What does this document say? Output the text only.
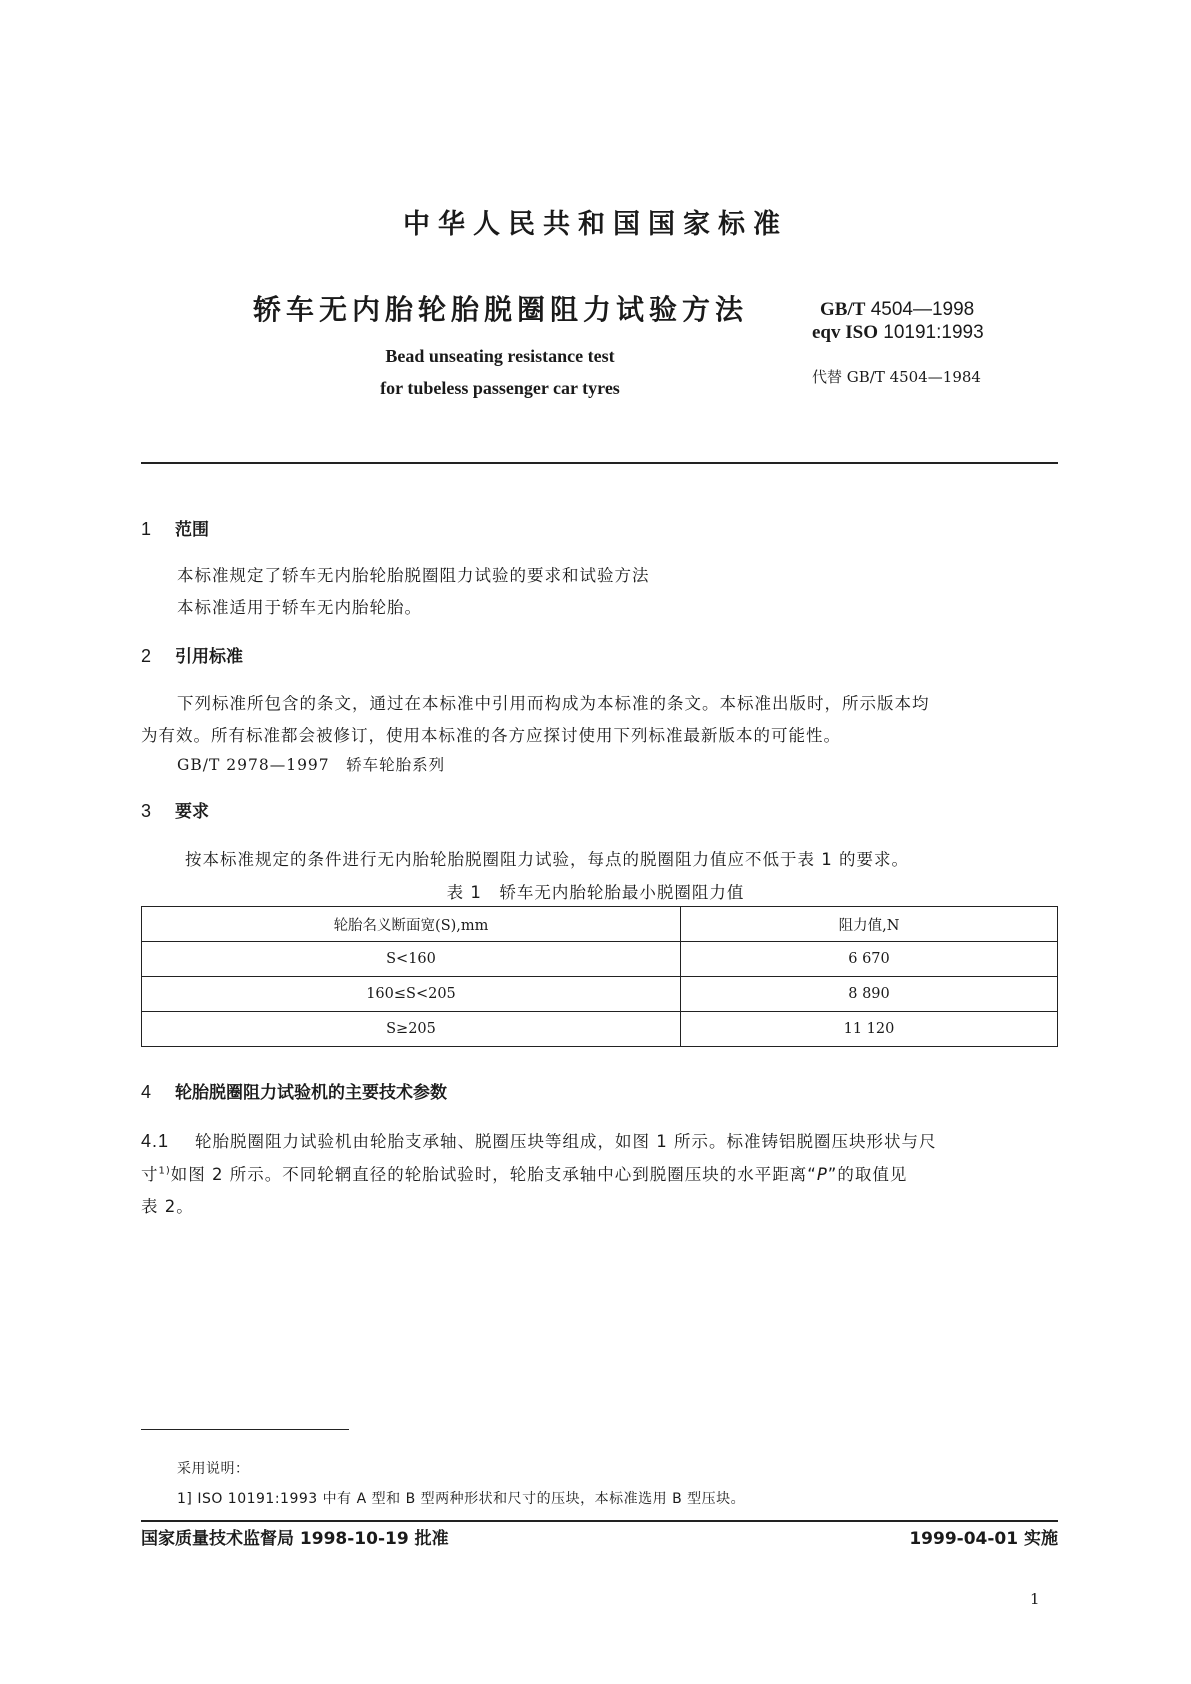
中华人民共和国国家标准
轿车无内胎轮胎脱圈阻力试验方法
Bead unseating resistance test
for tubeless passenger car tyres
GB/T 4504—1998
eqv ISO 10191:1993
代替 GB/T 4504—1984
1 范围
本标准规定了轿车无内胎轮胎脱圈阻力试验的要求和试验方法
本标准适用于轿车无内胎轮胎。
2 引用标准
下列标准所包含的条文，通过在本标准中引用而构成为本标准的条文。本标准出版时，所示版本均
为有效。所有标准都会被修订，使用本标准的各方应探讨使用下列标准最新版本的可能性。
GB/T 2978—1997　轿车轮胎系列
3 要求
按本标准规定的条件进行无内胎轮胎脱圈阻力试验，每点的脱圈阻力值应不低于表 1 的要求。
表 1　轿车无内胎轮胎最小脱圈阻力值
轮胎名义断面宽(S),mm	阻力值,N
S<160	6 670
160≤S<205	8 890
S≥205	11 120
4 轮胎脱圈阻力试验机的主要技术参数
4.1 轮胎脱圈阻力试验机由轮胎支承轴、脱圈压块等组成，如图 1 所示。标准铸铝脱圈压块形状与尺
寸$^{1)}$如图 2 所示。不同轮辋直径的轮胎试验时，轮胎支承轴中心到脱圈压块的水平距离“P”的取值见
表 2。
采用说明：
1] ISO 10191:1993 中有 A 型和 B 型两种形状和尺寸的压块，本标准选用 B 型压块。
国家质量技术监督局 1998-10-19 批准	1999-04-01 实施
1
